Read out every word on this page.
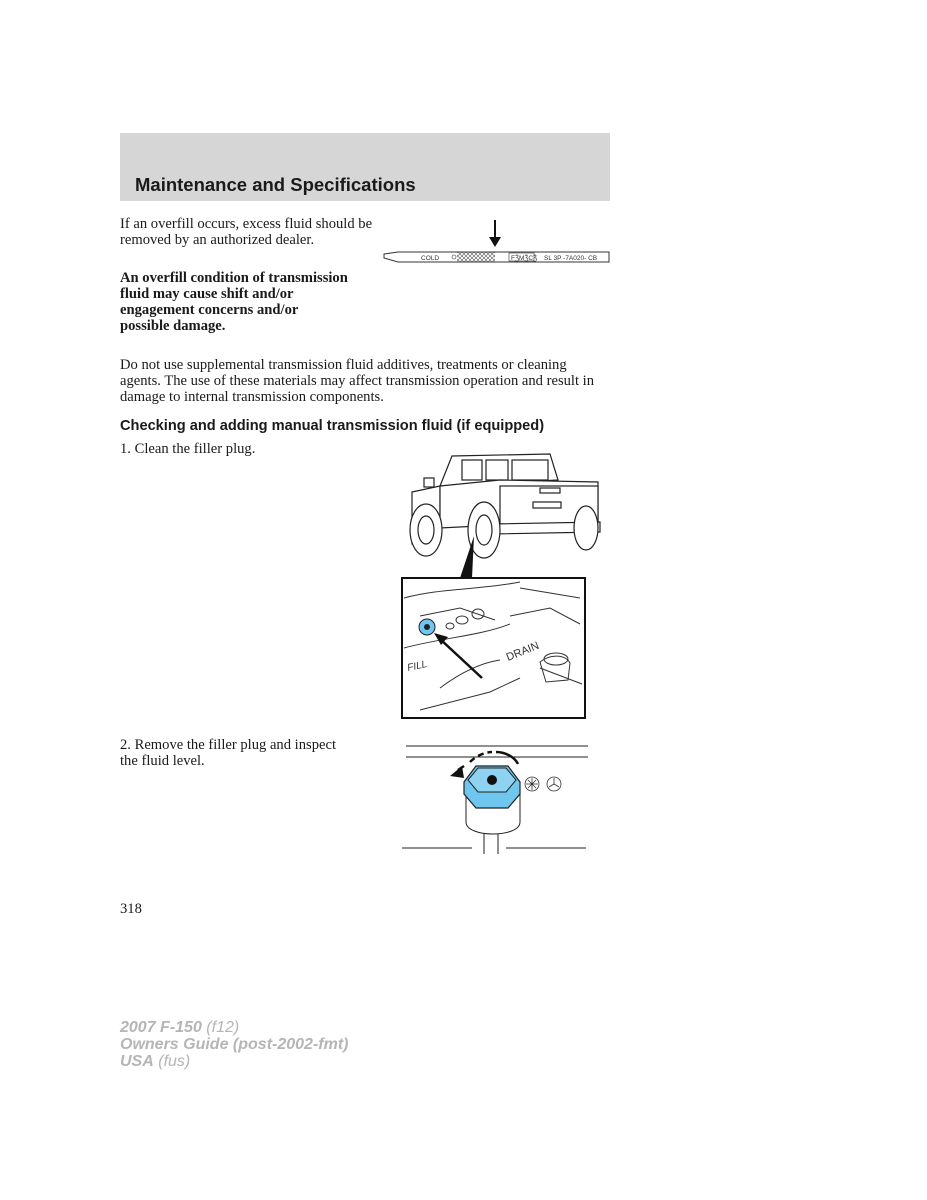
Maintenance and Specifications

If an overfill occurs, excess fluid should be removed by an authorized dealer.

An overfill condition of transmission fluid may cause shift and/or engagement concerns and/or possible damage.

Do not use supplemental transmission fluid additives, treatments or cleaning agents. The use of these materials may affect transmission operation and result in damage to internal transmission components.

COLD	FǮMǮCǮ SL 3P -7A020- CB
Checking and adding manual transmission fluid (if equipped)

1. Clean the filler plug.

FILL
DRAIN

2. Remove the filler plug and inspect the fluid level.

318
2007 F-150 (f12)
Owners Guide (post-2002-fmt)
USA (fus)
